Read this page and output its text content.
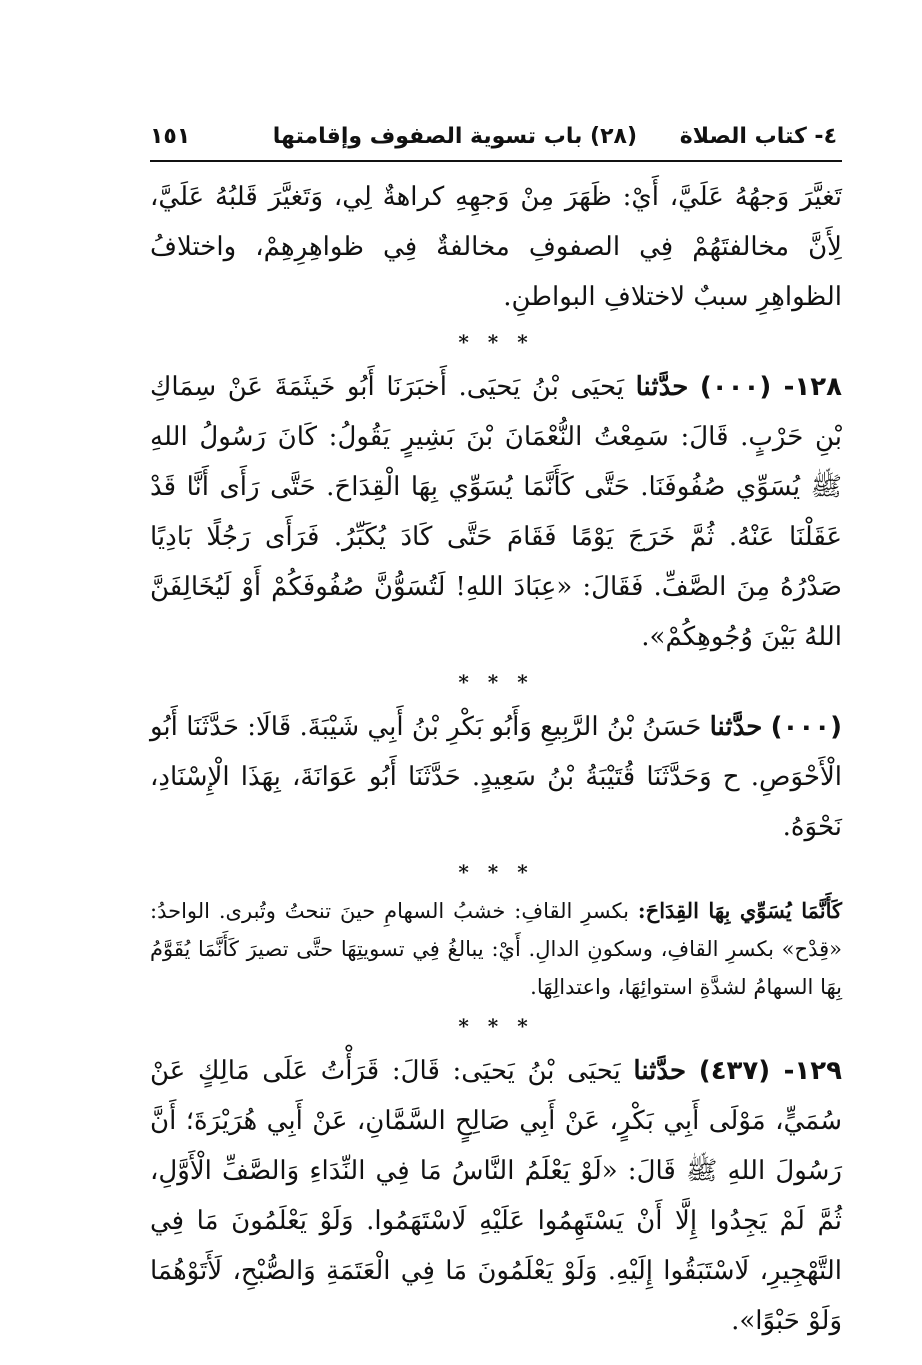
٤- كتاب الصلاة
(٢٨) باب تسوية الصفوف وإقامتها
١٥١

تَغيَّرَ وَجهُهُ عَلَيَّ، أَيْ: ظَهَرَ مِنْ وَجهِهِ كراهةٌ لِي، وَتَغيَّرَ قَلبُهُ عَلَيَّ، لِأَنَّ مخالفتَهُمْ فِي الصفوفِ مخالفةٌ فِي ظواهِرِهِمْ، واختلافُ الظواهِرِ سببٌ لاختلافِ البواطنِ.

* * *

١٢٨- (٠٠٠) حدَّثنا يَحيَى بْنُ يَحيَى. أَخبَرَنَا أَبُو خَيثَمَةَ عَنْ سِمَاكِ بْنِ حَرْبٍ. قَالَ: سَمِعْتُ النُّعْمَانَ بْنَ بَشِيرٍ يَقُولُ: كَانَ رَسُولُ اللهِ ﷺ يُسَوِّي صُفُوفَنَا. حَتَّى كَأَنَّمَا يُسَوِّي بِهَا الْقِدَاحَ. حَتَّى رَأَى أَنَّا قَدْ عَقَلْنَا عَنْهُ. ثُمَّ خَرَجَ يَوْمًا فَقَامَ حَتَّى كَادَ يُكَبِّرُ. فَرَأَى رَجُلًا بَادِيًا صَدْرُهُ مِنَ الصَّفِّ. فَقَالَ: «عِبَادَ اللهِ! لَتُسَوُّنَّ صُفُوفَكُمْ أَوْ لَيُخَالِفَنَّ اللهُ بَيْنَ وُجُوهِكُمْ».

* * *

(٠٠٠) حدَّثنا حَسَنُ بْنُ الرَّبِيعِ وَأَبُو بَكْرِ بْنُ أَبِي شَيْبَةَ. قَالَا: حَدَّثَنَا أَبُو الْأَحْوَصِ. ح وَحَدَّثَنَا قُتَيْبَةُ بْنُ سَعِيدٍ. حَدَّثَنَا أَبُو عَوَانَةَ، بِهَذَا الْإِسْنَادِ، نَحْوَهُ.

* * *

كَأَنَّمَا يُسَوِّي بِهَا القِدَاحَ: بكسرِ القافِ: خشبُ السهامِ حينَ تنحتُ وتُبرى. الواحدُ: «قِدْح» بكسرِ القافِ، وسكونِ الدالِ. أَيْ: يبالغُ فِي تسويتِهَا حتَّى تصيرَ كَأَنَّمَا يُقَوَّمُ بِهَا السهامُ لشدَّةِ استوائِهَا، واعتدالِهَا.

* * *

١٢٩- (٤٣٧) حدَّثنا يَحيَى بْنُ يَحيَى: قَالَ: قَرَأْتُ عَلَى مَالِكٍ عَنْ سُمَيٍّ، مَوْلَى أَبِي بَكْرٍ، عَنْ أَبِي صَالِحٍ السَّمَّانِ، عَنْ أَبِي هُرَيْرَةَ؛ أَنَّ رَسُولَ اللهِ ﷺ قَالَ: «لَوْ يَعْلَمُ النَّاسُ مَا فِي النِّدَاءِ وَالصَّفِّ الْأَوَّلِ، ثُمَّ لَمْ يَجِدُوا إِلَّا أَنْ يَسْتَهِمُوا عَلَيْهِ لَاسْتَهَمُوا. وَلَوْ يَعْلَمُونَ مَا فِي التَّهْجِيرِ، لَاسْتَبَقُوا إِلَيْهِ. وَلَوْ يَعْلَمُونَ مَا فِي الْعَتَمَةِ وَالصُّبْحِ، لَأَتَوْهُمَا وَلَوْ حَبْوًا».
